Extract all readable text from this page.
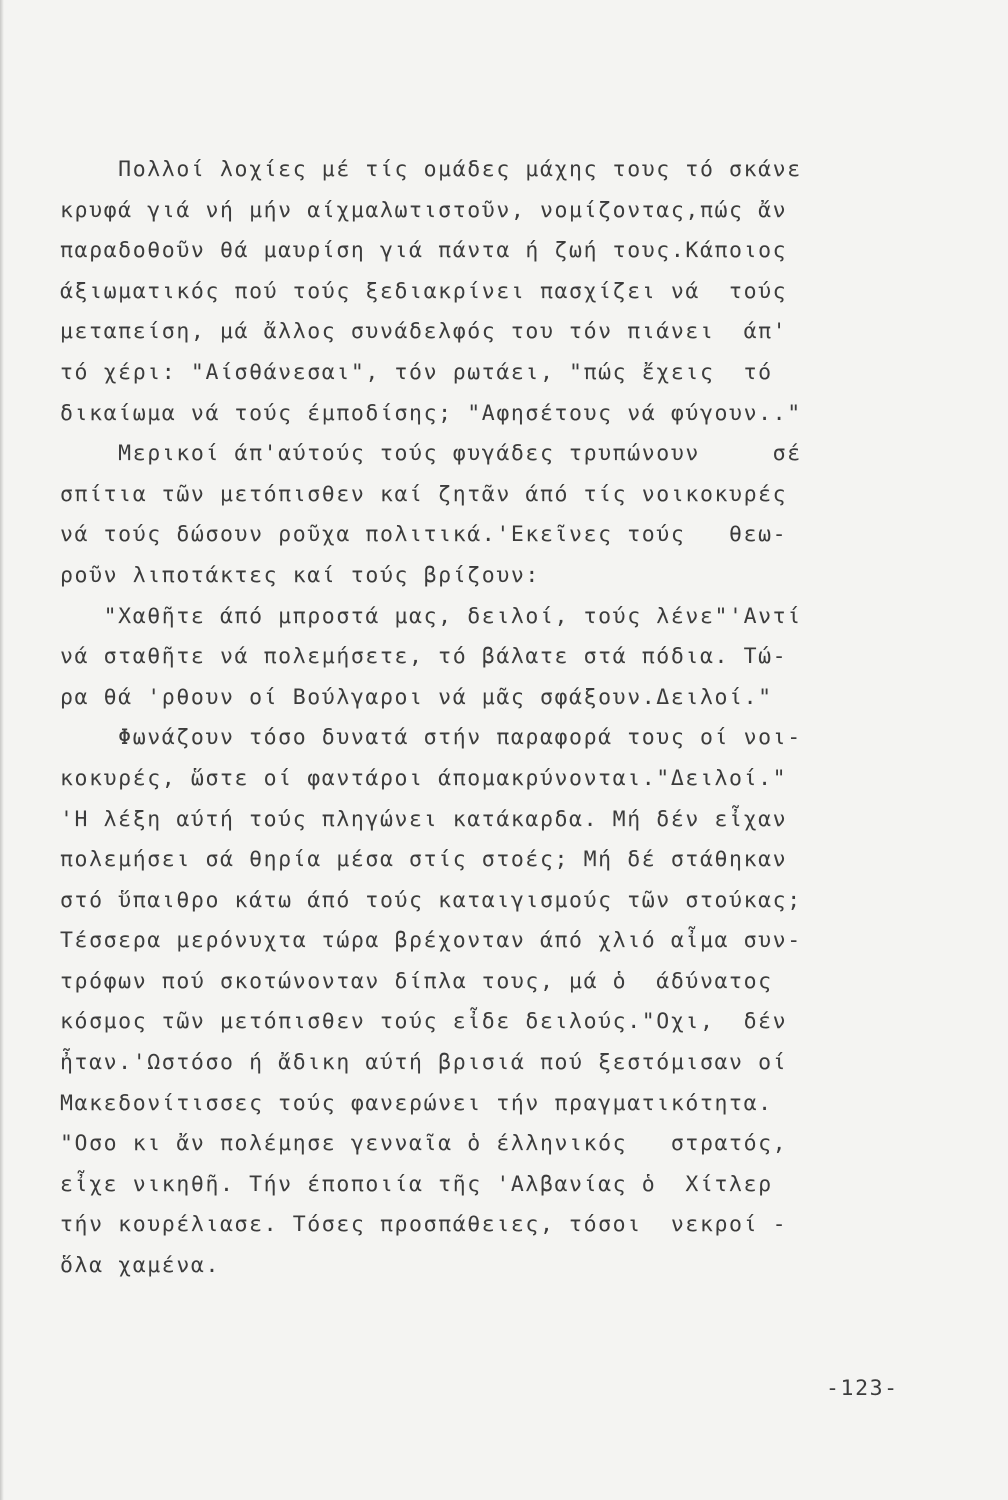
Πολλοί λοχίες μέ τίς ομάδες μάχης τους τό σκάνε
κρυφά γιά νή μήν αίχμαλωτιστοῦν, νομίζοντας,πώς ἄν
παραδοθοῦν θά μαυρίση γιά πάντα ή ζωή τους.Κάποιος
άξιωματικός πού τούς ξεδιακρίνει πασχίζει νά  τούς
μεταπείση, μά ἄλλος συνάδελφός του τόν πιάνει  άπ'
τό χέρι: "Αίσθάνεσαι", τόν ρωτάει, "πώς ἔχεις  τό
δικαίωμα νά τούς έμποδίσης; "Αφησέτους νά φύγουν.."
Μερικοί άπ'αύτούς τούς φυγάδες τρυπώνουν     σέ
σπίτια τῶν μετόπισθεν καί ζητᾶν άπό τίς νοικοκυρές
νά τούς δώσουν ροῦχα πολιτικά.'Εκεῖνες τούς   θεω-
ροῦν λιποτάκτες καί τούς βρίζουν:
"Χαθῆτε άπό μπροστά μας, δειλοί, τούς λένε"'Αντί
νά σταθῆτε νά πολεμήσετε, τό βάλατε στά πόδια. Τώ-
ρα θά 'ρθουν οί Βούλγαροι νά μᾶς σφάξουν.Δειλοί."
Φωνάζουν τόσο δυνατά στήν παραφορά τους οί νοι-
κοκυρές, ὥστε οί φαντάροι άπομακρύνονται."Δειλοί."
'Η λέξη αύτή τούς πληγώνει κατάκαρδα. Μή δέν εἶχαν
πολεμήσει σά θηρία μέσα στίς στοές; Μή δέ στάθηκαν
στό ὕπαιθρο κάτω άπό τούς καταιγισμούς τῶν στούκας;
Τέσσερα μερόνυχτα τώρα βρέχονταν άπό χλιό αἶμα συν-
τρόφων πού σκοτώνονταν δίπλα τους, μά ὁ  άδύνατος
κόσμος τῶν μετόπισθεν τούς εἶδε δειλούς."Οχι,  δέν
ἦταν.'Ωστόσο ή ἄδικη αύτή βρισιά πού ξεστόμισαν οί
Μακεδονίτισσες τούς φανερώνει τήν πραγματικότητα.
"Οσο κι ἄν πολέμησε γενναῖα ὁ έλληνικός   στρατός,
εἶχε νικηθῆ. Τήν έποποιία τῆς 'Αλβανίας ὁ  Χίτλερ
τήν κουρέλιασε. Τόσες προσπάθειες, τόσοι  νεκροί -
ὅλα χαμένα.
-123-
